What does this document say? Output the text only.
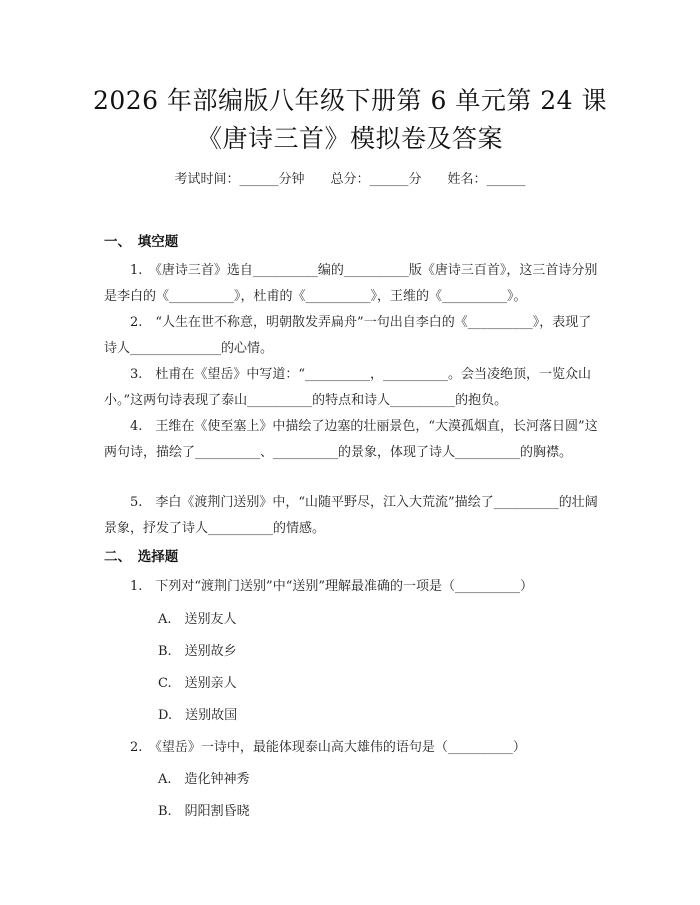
2026 年部编版八年级下册第 6 单元第 24 课
《唐诗三首》模拟卷及答案
考试时间：______分钟　　总分：______分　　姓名：______
一、　填空题
1.　《唐诗三首》选自__________编的__________版《唐诗三百首》，这三首诗分别是李白的《__________》，杜甫的《__________》，王维的《__________》。
2.　“人生在世不称意，明朝散发弄扁舟”一句出自李白的《__________》，表现了诗人______________的心情。
3.　杜甫在《望岳》中写道：“__________，__________。会当凌绝顶，一览众山小。”这两句诗表现了泰山__________的特点和诗人__________的抱负。
4.　王维在《使至塞上》中描绘了边塞的壮丽景色，“大漠孤烟直，长河落日圆”这两句诗，描绘了__________、__________的景象，体现了诗人__________的胸襟。
5.　李白《渡荆门送别》中，“山随平野尽，江入大荒流”描绘了__________的壮阔景象，抒发了诗人__________的情感。
二、　选择题
1.　下列对“渡荆门送别”中“送别”理解最准确的一项是（__________）
A.　送别友人
B.　送别故乡
C.　送别亲人
D.　送别故国
2.　《望岳》一诗中，最能体现泰山高大雄伟的语句是（__________）
A.　造化钟神秀
B.　阴阳割昏晓
